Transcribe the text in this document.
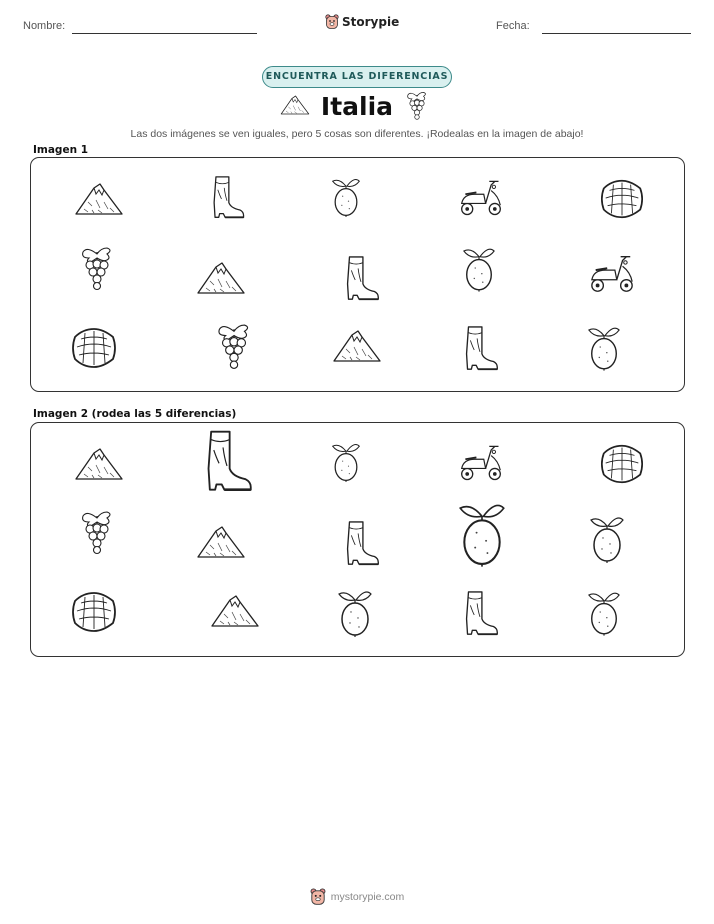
Nombre:	Storypie	Fecha:
ENCUENTRA LAS DIFERENCIAS
Italia
Las dos imágenes se ven iguales, pero 5 cosas son diferentes. ¡Rodealas en la imagen de abajo!
Imagen 1
Imagen 2 (rodea las 5 diferencias)
mystorypie.com
